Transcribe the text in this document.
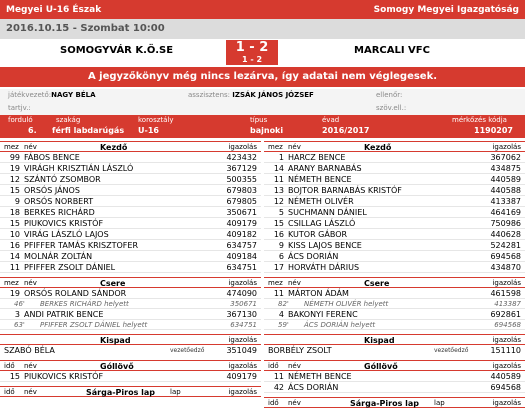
Megyei U-16 Észak	Somogy Megyei Igazgatóság
2016.10.15 - Szombat 10:00
SOMOGYVÁR K.Ö.SE	1 - 2
1 - 2
MARCALI VFC
A jegyzőkönyv még nincs lezárva, így adatai nem véglegesek.
játékvezető:NAGY BÉLA	asszisztens: IZSÁK JÁNOS JÓZSEF	ellenőr:
tartjv.:	szöv.ell.:
forduló	szakág	korosztály	típus	évad	mérkőzés kódja
6. férfi labdarúgás U-16	bajnoki	2016/2017	1190207
mez név	Kezdő	igazolás
99 FÁBOS BENCE	423432
19 VIRÁGH KRISZTIÁN LÁSZLÓ	367129
12 SZÁNTÓ ZSOMBOR	500355
15 ORSÓS JÁNOS	679803
9 ORSÓS NORBERT	679805
18 BERKES RICHÁRD	350671
15 PIUKOVICS KRISTÓF	409179
10 VIRÁG LÁSZLÓ LAJOS	409182
16 PFIFFER TAMÁS KRISZTOFER	634757
14 MOLNÁR ZOLTÁN	409184
11 PFIFFER ZSOLT DÁNIEL	634751
mez név	Csere	igazolás
19 ORSÓS ROLAND SÁNDOR	474090
46' BERKES RICHÁRD helyett	350671
3 ANDI PATRIK BENCE	367130
63' PFIFFER ZSOLT DÁNIEL helyett	634751
Kispad	igazolás
SZABÓ BÉLA	vezetőedző	351049
idő név	Góllövő	igazolás
15 PIUKOVICS KRISTÓF	409179
idő név	Sárga-Piros lap lap	igazolás
mez név	Kezdő	igazolás
1 HARCZ BENCE	367062
14 ARANY BARNABÁS	434875
11 NÉMETH BENCE	440589
13 BOJTOR BARNABÁS KRISTÓF	440588
12 NÉMETH OLIVÉR	413387
5 SUCHMANN DÁNIEL	464169
15 CSILLAG LÁSZLÓ	750986
16 KUTOR GÁBOR	440628
9 KISS LAJOS BENCE	524281
6 ÁCS DORIÁN	694568
17 HORVÁTH DÁRIUS	434870
mez név	Csere	igazolás
11 MÁRTON ÁDÁM	461598
82' NÉMETH OLIVÉR helyett	413387
4 BAKONYI FERENC	692861
59' ÁCS DORIÁN helyett	694568
Kispad	igazolás
BORBÉLY ZSOLT	vezetőedző	151110
idő név	Góllövő	igazolás
11 NÉMETH BENCE	440589
42 ÁCS DORIÁN	694568
idő név	Sárga-Piros lap lap	igazolás
